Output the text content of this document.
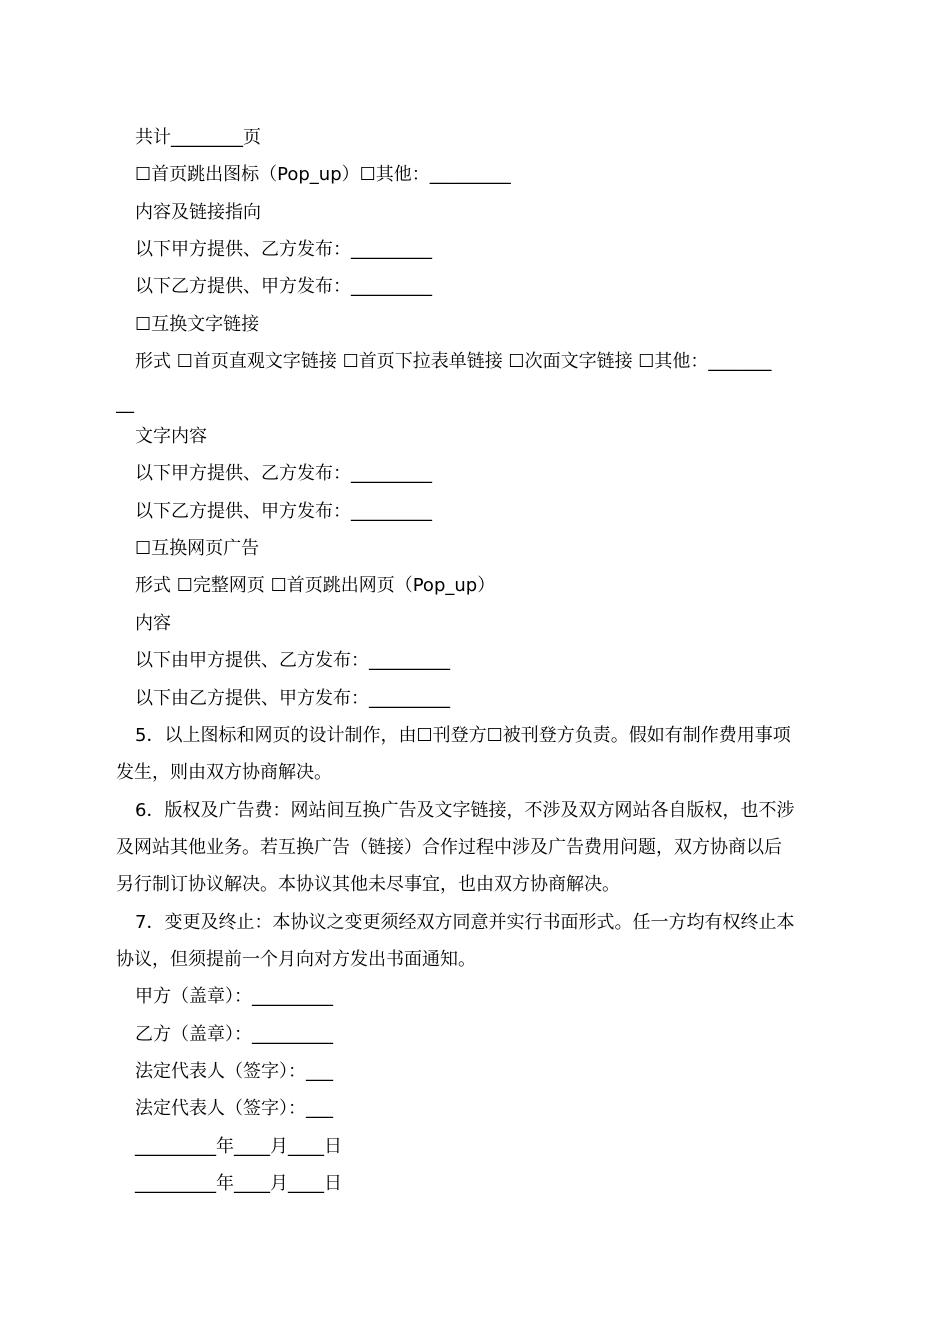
共计________页
☐首页跳出图标（Pop_up）☐其他：_________
内容及链接指向
以下甲方提供、乙方发布：_________
以下乙方提供、甲方发布：_________
☐互换文字链接
形式 ☐首页直观文字链接 ☐首页下拉表单链接 ☐次面文字链接 ☐其他：_______
__
文字内容
以下甲方提供、乙方发布：_________
以下乙方提供、甲方发布：_________
☐互换网页广告
形式 ☐完整网页 ☐首页跳出网页（Pop_up）
内容
以下由甲方提供、乙方发布：_________
以下由乙方提供、甲方发布：_________
5．以上图标和网页的设计制作，由☐刊登方☐被刊登方负责。假如有制作费用事项
发生，则由双方协商解决。
6．版权及广告费：网站间互换广告及文字链接，不涉及双方网站各自版权，也不涉
及网站其他业务。若互换广告（链接）合作过程中涉及广告费用问题，双方协商以后
另行制订协议解决。本协议其他未尽事宜，也由双方协商解决。
7．变更及终止：本协议之变更须经双方同意并实行书面形式。任一方均有权终止本
协议，但须提前一个月向对方发出书面通知。
甲方（盖章）：_________
乙方（盖章）：_________
法定代表人（签字）：___
法定代表人（签字）：___
_________年____月____日
_________年____月____日
